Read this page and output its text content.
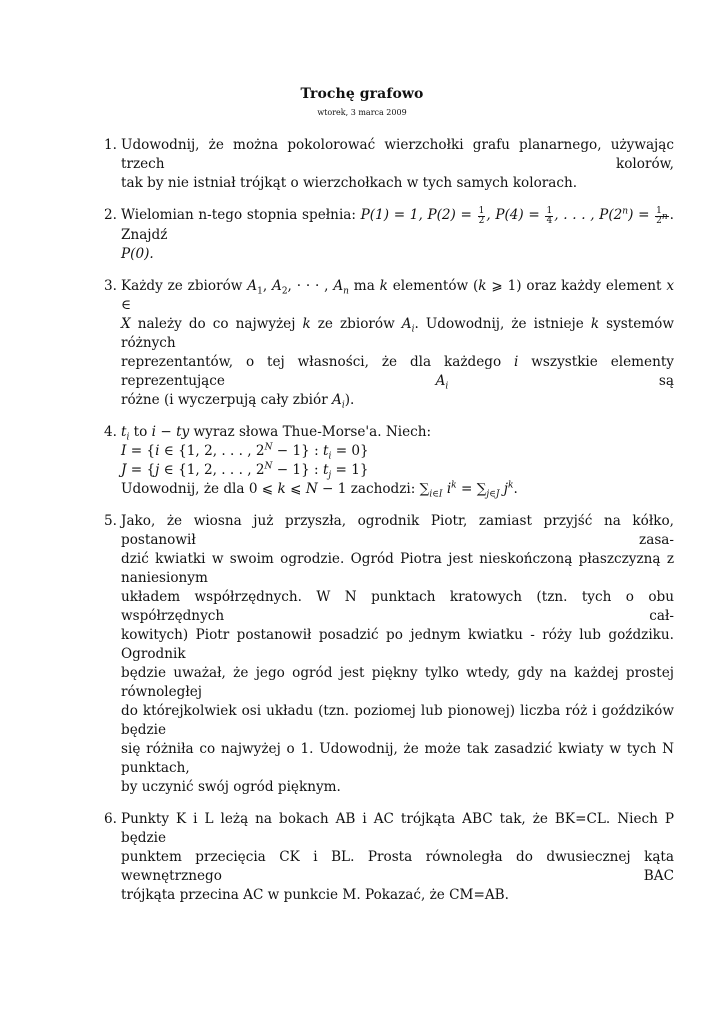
Trochę grafowo
wtorek, 3 marca 2009
1. Udowodnij, że można pokolorować wierzchołki grafu planarnego, używając trzech kolorów,
tak by nie istniał trójkąt o wierzchołkach w tych samych kolorach.
2. Wielomian n-tego stopnia spełnia: P(1) = 1, $P(2) = \frac{1}{2}$ , $P(4) = \frac{1}{4}$ , . . . , $P(2^n) = \frac{1}{2^n}$ . Znajdź
P(0).
3. Każdy ze zbiorów $A_1$, $A_2$, · · · , $A_n$ ma k elementów (k ⩾ 1) oraz każdy element x ∈
X należy do co najwyżej k ze zbiorów $A_i$. Udowodnij, że istnieje k systemów różnych
reprezentantów, o tej własności, że dla każdego i wszystkie elementy reprezentujące $A_i$ są
różne (i wyczerpują cały zbiór $A_i$).
4. $t_i$ to i − ty wyraz słowa Thue-Morse'a. Niech:
I = {i ∈ {1, 2, . . . , $2^N - 1$} : $t_i = 0$}
J = {j ∈ {1, 2, . . . , $2^N - 1$} : $t_j = 1$}
Udowodnij, że dla 0 ⩽ k ⩽ N − 1 zachodzi: $\sum_{i\in I}$ $i^k = \sum_{j\in J}$ $j^k$.
5. Jako, że wiosna już przyszła, ogrodnik Piotr, zamiast przyjść na kółko, postanowił zasa-
dzić kwiatki w swoim ogrodzie. Ogród Piotra jest nieskończoną płaszczyzną z naniesionym
układem współrzędnych. W N punktach kratowych (tzn. tych o obu współrzędnych cał-
kowitych) Piotr postanowił posadzić po jednym kwiatku - róży lub goździku. Ogrodnik
będzie uważał, że jego ogród jest piękny tylko wtedy, gdy na każdej prostej równoległej
do którejkolwiek osi układu (tzn. poziomej lub pionowej) liczba róż i goździków będzie
się różniła co najwyżej o 1. Udowodnij, że może tak zasadzić kwiaty w tych N punktach,
by uczynić swój ogród pięknym.
6. Punkty K i L leżą na bokach AB i AC trójkąta ABC tak, że BK=CL. Niech P będzie
punktem przecięcia CK i BL. Prosta równoległa do dwusiecznej kąta wewnętrznego BAC
trójkąta przecina AC w punkcie M. Pokazać, że CM=AB.
